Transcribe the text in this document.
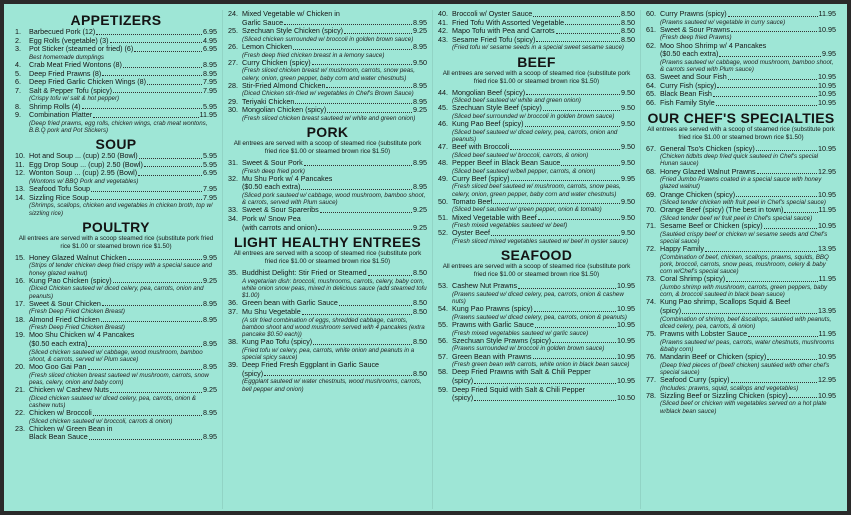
APPETIZERS
1.	Barbecued Pork (12)	6.95
2.	Egg Rolls (vegetable) (3)	4.95
3.	Pot Sticker (steamed or fried) (6)	6.95
Best homemade dumplings
4.	Crab Meat Fried Wontons (8)	8.95
5.	Deep Fried Prawns (8)	8.95
6.	Deep Fried Garlic Chicken Wings (8)	7.95
7.	Salt & Pepper Tofu (spicy)	7.95
(Crispy tofu w/ salt & hot pepper)
8.	Shrimp Rolls (4)	5.95
9.	Combination Platter	11.95
(Deep fried prawns, egg rolls, chicken wings, crab meat wontons, B.B.Q pork and Pot Stickers)
SOUP
10. Hot and Soup ... (cup) 2.50 (Bowl)	5.95
11. Egg Drop Soup ... (cup) 2.50 (Bowl)	5.95
12. Wonton Soup ... (cup) 2.95 (Bowl)	6.95
(Wontons w/ BBQ Pork and vegetables)
13. Seafood Tofu Soup	7.95
14. Sizzling Rice Soup	7.95
(Shrimps, scallops, chicken and vegetables in chicken broth, top w/ sizzling rice)
POULTRY
All entrees are served with a scoop steamed rice (substitute pork fried rice $1.00 or steamed brown rice $1.50)
15. Honey Glazed Walnut Chicken	9.95
(Strips of tender chicken deep fried crispy with a special sauce and honey glazed walnut)
16. Kung Pao Chicken (spicy)	9.25
(Diced Chicken sauteed w/ diced celery, pea, carrots, onion and peanuts)
17. Sweet & Sour Chicken	8.95
(Fresh Deep Fried Chicken Breast)
18. Almond Fried Chicken	8.95
(Fresh Deep Fried Chicken Breast)
19. Moo Shu Chicken w/ 4 Pancakes
($0.50 each extra)	8.95
(Sliced chicken sauteed w/ cabbage, wood mushroom, bamboo shoot, & carrots, served w/ Plum sauce)
20. Moo Goo Gai Pan	8.95
(Fresh sliced chicken breast sauteed w/ mushroom, carrots, snow peas, celery, onion and baby corn)
21. Chicken w/ Cashew Nuts	9.25
(Diced chicken sauteed w/ diced celery, pea, carrots, onion & cashew nuts)
22. Chicken w/ Broccoli	8.95
(Sliced chicken sauteed w/ broccoli, carrots & onion)
23. Chicken w/ Green Bean in
Black Bean Sauce	8.95
24. Mixed Vegetable w/ Chicken in
Garlic Sauce	8.95
25. Szechuan Style Chicken (spicy)	9.25
(Sliced chicken surrounded w/ broccoli in golden brown sauce)
26. Lemon Chicken	8.95
(Fresh deep fried chicken breast in a lemony sauce)
27. Curry Chicken (spicy)	9.50
(Fresh sliced chicken breast w/ mushroom, carrots, snow peas, celery, onion, green pepper, baby corn and water chestnuts)
28. Stir-Fried Almond Chicken	8.95
(Diced Chicken stir-fried w/ vegetables in Chef's Brown Sauce)
29. Teriyaki Chicken	8.95
30. Mongolian Chicken (spicy)	9.25
(Fresh sliced chicken breast sauteed w/ white and green onion)
PORK
All entrees are served with a scoop of steamed rice (substitute pork fried rice $1.00 or steamed brown rice $1.50)
31. Sweet & Sour Pork	8.95
(Fresh deep fried pork)
32. Mu Shu Pork w/ 4 Pancakes
($0.50 each extra)	8.95
(Sliced pork sauteed w/ cabbage, wood mushroom, bamboo shoot, & carrots, served with Plum sauce)
33. Sweet & Sour Spareribs	9.25
34. Pork w/ Snow Pea
(with carrots and onion)	9.25
LIGHT HEALTHY ENTREES
All entrees are served with a scoop of steamed rice (substitute pork fried rice $1.00 or steamed brown rice $1.50)
35. Buddhist Delight: Stir Fried or Steamed	8.50
A vegetarian dish: broccoli, mushrooms, carrots, celery, baby corn, white onion snow peas, mixed in delicious sauce (add steamed tofu $1.00)
36. Green bean with Garlic Sauce	8.50
37. Mu Shu Vegetable	8.50
(A stir fried combination of eggs, shredded cabbage, carrots, bamboo shoot and wood mushroom served with 4 pancakes (extra pancake $0.50 each))
38. Kung Pao Tofu (spicy)	8.50
(Fried tofu w/ celery, pea, carrots, white onion and peanuts in a special spicy sauce)
39. Deep Fried Fresh Eggplant in Garlic Sauce
(spicy)	8.50
(Eggplant sauteed w/ water chestnuts, wood mushrooms, carrots, bell pepper and onion)
40. Broccoli w/ Oyster Sauce	8.50
41. Fried Tofu With Assorted Vegetable	8.50
42. Mapo Tofu with Pea and Carrots	8.50
43. Sesame Fried Tofu (spicy)	8.50
(Fried tofu w/ sesame seeds in a special sweet sesame sauce)
BEEF
All entrees are served with a scoop of steamed rice (substitute pork fried rice $1.00 or steamed brown rice $1.50)
44. Mongolian Beef (spicy)	9.50
(Sliced beef sauteed w/ white and green onion)
45. Szechuan Style Beef (spicy)	9.50
(Sliced beef surrounded w/ broccoli in golden brown sauce)
46. Kung Pao Beef (spicy)	9.50
(Sliced beef sauteed w/ diced celery, pea, carrots, onion and peanuts)
47. Beef with Broccoli	9.50
(Sliced beef sauteed w/ broccoli, carrots, & onion)
48. Pepper Beef in Black Bean Sauce	9.50
(Sliced beef sauteed w/bell pepper, carrots, & onion)
49. Curry Beef (spicy)	9.95
(Fresh sliced beef sauteed w/ mushroom, carrots, snow peas, celery, onion, green pepper, baby corn and water chestnuts)
50. Tomato Beef	9.50
(Sliced beef sauteed w/ green pepper, onion & tomato)
51. Mixed Vegetable with Beef	9.50
(Fresh mixed vegetables sauteed w/ beef)
52. Oyster Beef	9.50
(Fresh sliced mixed vegetables sauteed w/ beef in oyster sauce)
SEAFOOD
All entrees are served with a scoop of steamed rice (substitute pork fried rice $1.00 or steamed brown rice $1.50)
53. Cashew Nut Prawns	10.95
(Prawns sauteed w/ diced celery, pea, carrots, onion & cashew nuts)
54. Kung Pao Prawns (spicy)	10.95
(Prawns sauteed w/ diced celery, pea, carrots, onion & peanuts)
55. Prawns with Garlic Sauce	10.95
(Fresh mixed vegetables sauteed w/ garlic sauce)
56. Szechuan Style Prawns (spicy)	10.95
(Prawns surrounded w/ broccoli in golden brown sauce)
57. Green Bean with Prawns	10.95
(Fresh green bean with carrots, white onion in black bean sauce)
58. Deep Fried Prawns with Salt & Chili Pepper
(spicy)	10.95
59. Deep Fried Squid with Salt & Chili Pepper
(spicy)	10.50
60. Curry Prawns (spicy)	11.95
(Prawns sauteed w/ vegetable in curry sauce)
61. Sweet & Sour Prawns	10.95
(Fresh deep fried Prawns)
62. Moo Shoo Shrimp w/ 4 Pancakes
($0.50 each extra)	9.95
(Prawns sauteed w/ cabbage, wood mushroom, bamboo shoot, & carrots served with Plum sauce)
63. Sweet and Sour Fish	10.95
64. Curry Fish (spicy)	10.95
65. Black Bean Fish	10.95
66. Fish Family Style	10.95
OUR CHEF'S SPECIALTIES
All entrees are served with a scoop of steamed rice (substitute pork fried rice $1.00 or steamed brown rice $1.50)
67. General Tso's Chicken (spicy)	10.95
(Chicken tidbits deep fried quick sauteed in Chef's special Hunan sauce)
68. Honey Glazed Walnut Prawns	12.95
(Fried Jumbo Prawns coated in a special sauce with honey glazed walnut)
69. Orange Chicken (spicy)	10.95
(Sliced tender chicken with fruit peel in Chef's special sauce)
70. Orange Beef (spicy) (The best in town)	11.95
(Sliced tender beef w/ fruit peel in Chef's special sauce)
71. Sesame Beef or Chicken (spicy)	10.95
(Sautéed crispy beef or chicken w/ sesame seeds and Chef's special sauce)
72. Happy Family	13.95
(Combination of beef, chicken, scallops, prawns, squids, BBQ pork, broccoli, carrots, snow peas, mushroom, celery & baby corn w/Chef's special sauce)
73. Coral Shrimp (spicy)	11.95
(Jumbo shrimp with mushroom, carrots, green peppers, baby corn, & broccoli sauteed in black bean sauce)
74. Kung Pao shrimp, Scallops Squid & Beef
(spicy)	13.95
(Combination of shrimp, beef &scallops, sautéed with peanuts, diced celery, pea, carrots, & onion)
75. Prawns with Lobster Sauce	11.95
(Prawns sauteed w/ peas, carrots, water chestnuts, mushrooms &baby corn)
76. Mandarin Beef or Chicken (spicy)	10.95
(Deep fried pieces of (beef/ chicken) sautéed with other chef's special sauce)
77. Seafood Curry (spicy)	12.95
(Includes: prawns, squid, scallops and vegetables)
78. Sizzling Beef or Sizzling Chicken (spicy)	10.95
(Sliced beef or chicken with vegetables served on a hot plate w/black bean sauce)
